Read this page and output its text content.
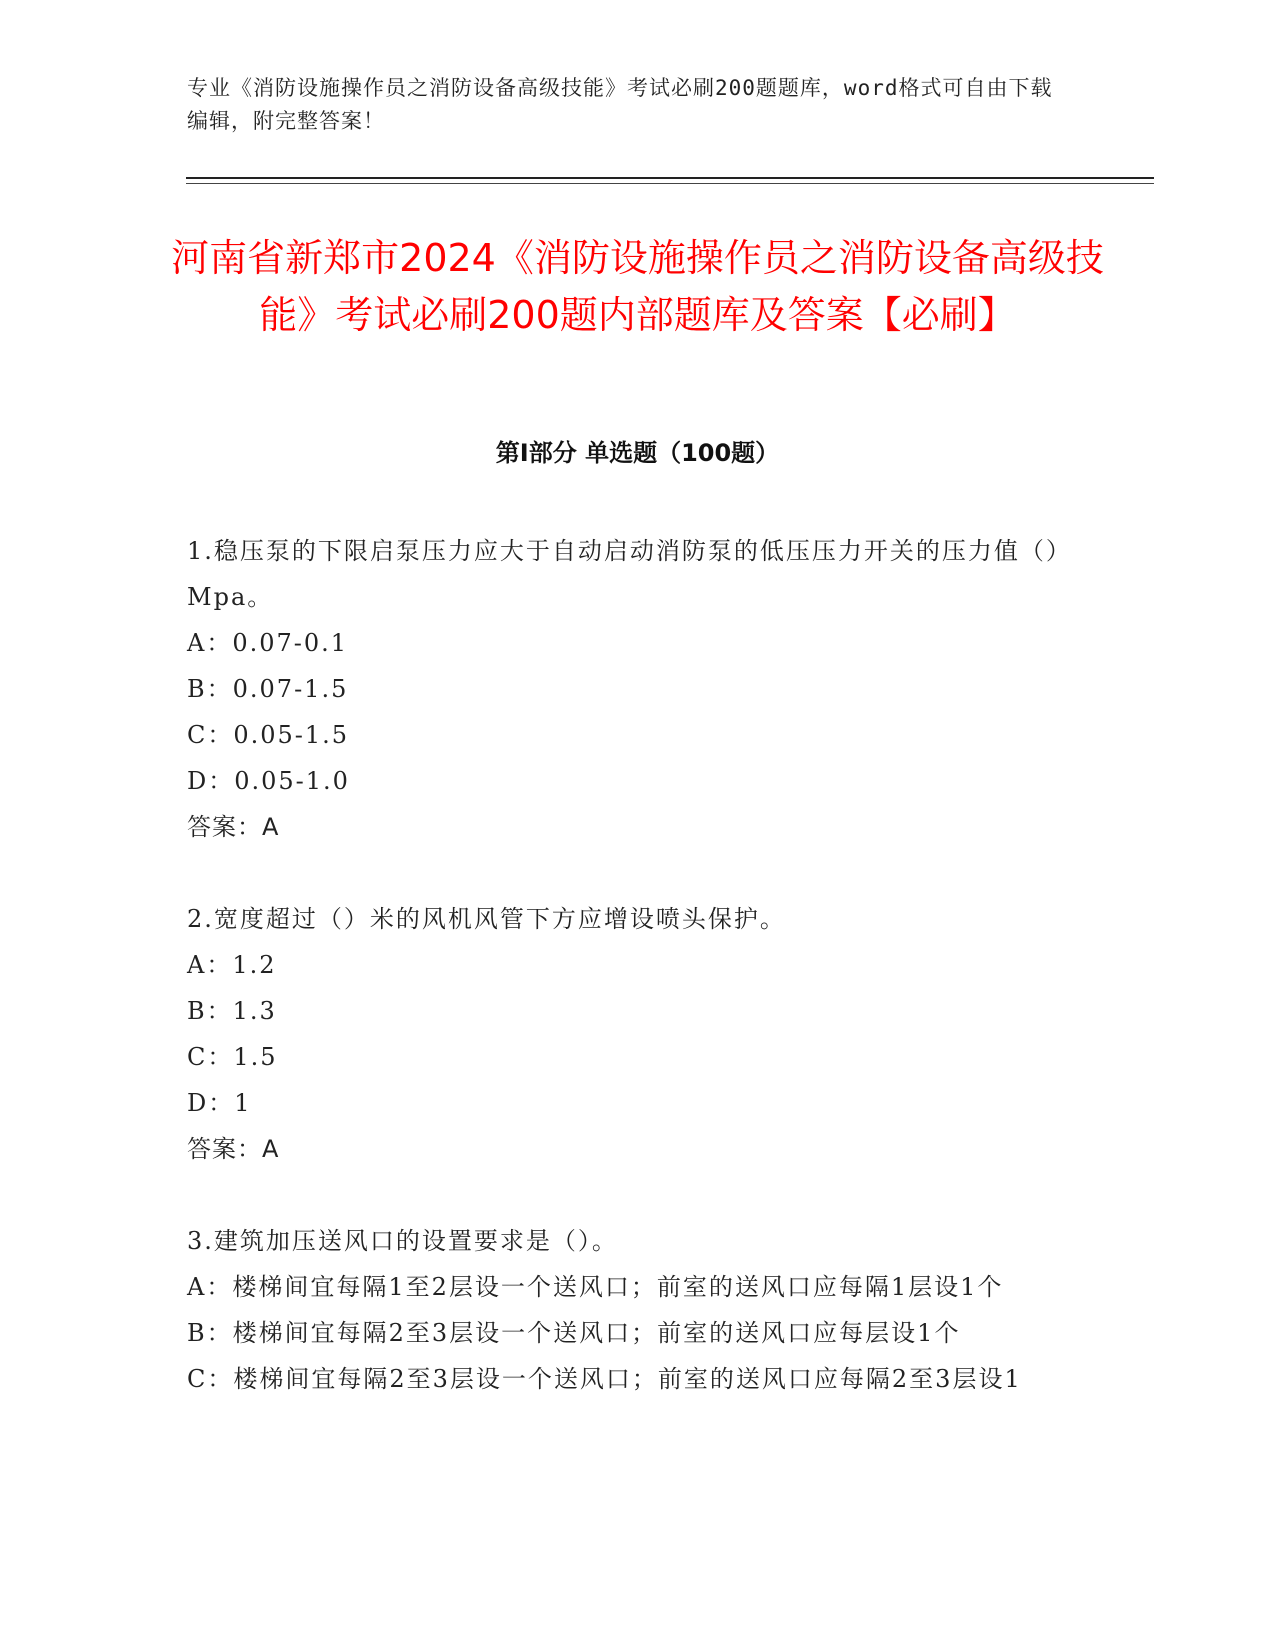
专业《消防设施操作员之消防设备高级技能》考试必刷200题题库，word格式可自由下载编辑，附完整答案！
河南省新郑市2024《消防设施操作员之消防设备高级技能》考试必刷200题内部题库及答案【必刷】
第I部分 单选题（100题）

1.稳压泵的下限启泵压力应大于自动启动消防泵的低压压力开关的压力值（）Mpa。

A：0.07-0.1

B：0.07-1.5

C：0.05-1.5

D：0.05-1.0

答案：A

2.宽度超过（）米的风机风管下方应增设喷头保护。

A：1.2

B：1.3

C：1.5

D：1

答案：A

3.建筑加压送风口的设置要求是（）。

A：楼梯间宜每隔1至2层设一个送风口；前室的送风口应每隔1层设1个

B：楼梯间宜每隔2至3层设一个送风口；前室的送风口应每层设1个

C：楼梯间宜每隔2至3层设一个送风口；前室的送风口应每隔2至3层设1
